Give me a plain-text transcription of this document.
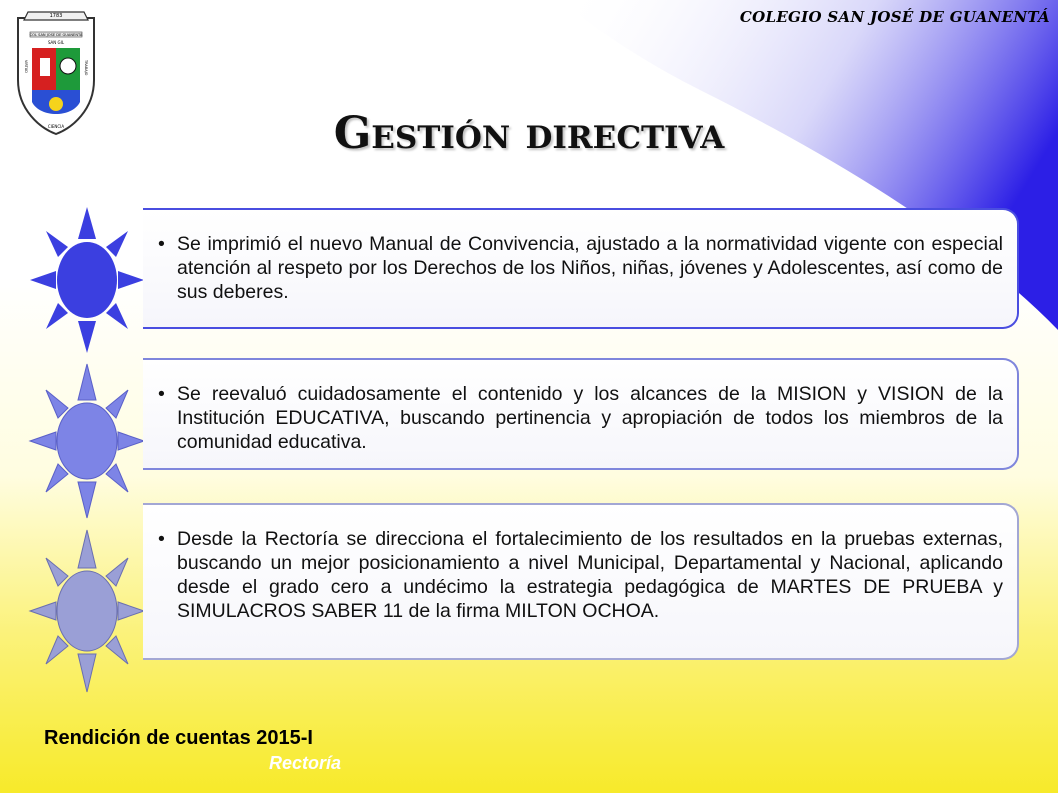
COLEGIO SAN JOSÉ DE GUANENTÁ
1783
COL SAN JOSE DE GUANENTA
SAN GIL
VIRTUD	TRABAJO
CIENCIA	Gestión directiva
• Se imprimió el nuevo Manual de Convivencia, ajustado a la normatividad vigente con especial atención al respeto por los Derechos de los Niños, niñas, jóvenes y Adolescentes, así como de sus deberes.
• Se reevaluó cuidadosamente el contenido y los alcances de la MISION y VISION de la Institución EDUCATIVA, buscando pertinencia y apropiación de todos los miembros de la comunidad educativa.
• Desde la Rectoría se direcciona el fortalecimiento de los resultados en la pruebas externas, buscando un mejor posicionamiento a nivel Municipal, Departamental y Nacional, aplicando desde el grado cero a undécimo la estrategia pedagógica de MARTES DE PRUEBA y SIMULACROS SABER 11 de la firma MILTON OCHOA.
Rendición de cuentas 2015-I
Rectoría
